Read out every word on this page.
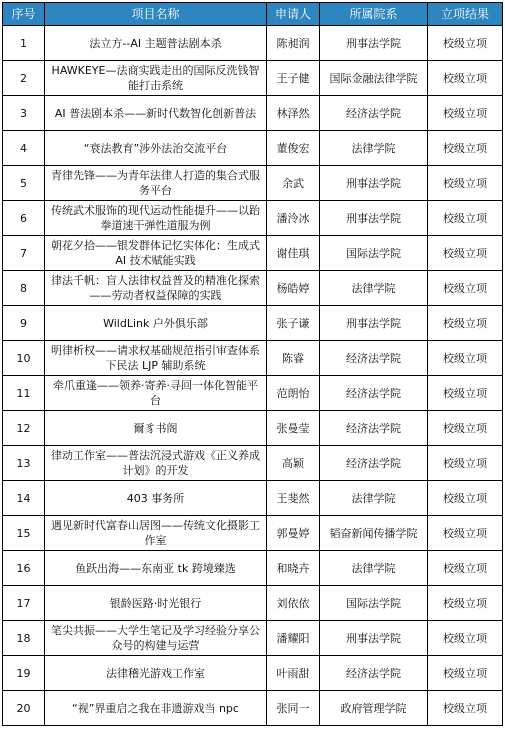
序号	项目名称	申请人	所属院系	立项结果
1	法立方--AI 主题普法剧本杀	陈昶润	刑事法学院	校级立项
2	HAWKEYE—法商实践走出的国际反洗钱智能打击系统	王子健	国际金融法律学院	校级立项
3	AI 普法剧本杀——新时代数智化创新普法	林泽然	经济法学院	校级立项
4	“衰法教育”涉外法治交流平台	董俊宏	法律学院	校级立项
5	青律先锋——为青年法律人打造的集合式服务平台	余武	刑事法学院	校级立项
6	传统武术服饰的现代运动性能提升——以跆拳道速干弹性道服为例	潘泠冰	刑事法学院	校级立项
7	朝花夕拾——银发群体记忆实体化：生成式 AI 技术赋能实践	谢佳琪	国际法学院	校级立项
8	律法千帆：盲人法律权益普及的精准化探索——劳动者权益保障的实践	杨皓婷	法律学院	校级立项
9	WildLink 户外俱乐部	张子谦	刑事法学院	校级立项
10	明律析权——请求权基础规范指引审查体系下民法 LJP 辅助系统	陈睿	经济法学院	校级立项
11	牵爪重逢——领养·寄养·寻回一体化智能平台	范朗怡	经济法学院	校级立项
12	爾豸书阁	张曼莹	经济法学院	校级立项
13	律动工作室——普法沉浸式游戏《正义养成计划》的开发	高颖	经济法学院	校级立项
14	403 事务所	王斐然	法律学院	校级立项
15	遇见新时代富春山居图——传统文化摄影工作室	郭曼婷	韬奋新闻传播学院	校级立项
16	鱼跃出海——东南亚 tk 跨境臻选	和晓卉	法律学院	校级立项
17	银龄医路·时光银行	刘依依	国际法学院	校级立项
18	笔尖共振——大学生笔记及学习经验分享公众号的构建与运营	潘耀阳	刑事法学院	校级立项
19	法律稽光游戏工作室	叶雨甜	经济法学院	校级立项
20	“视”界重启之我在非遗游戏当 npc	张同一	政府管理学院	校级立项
